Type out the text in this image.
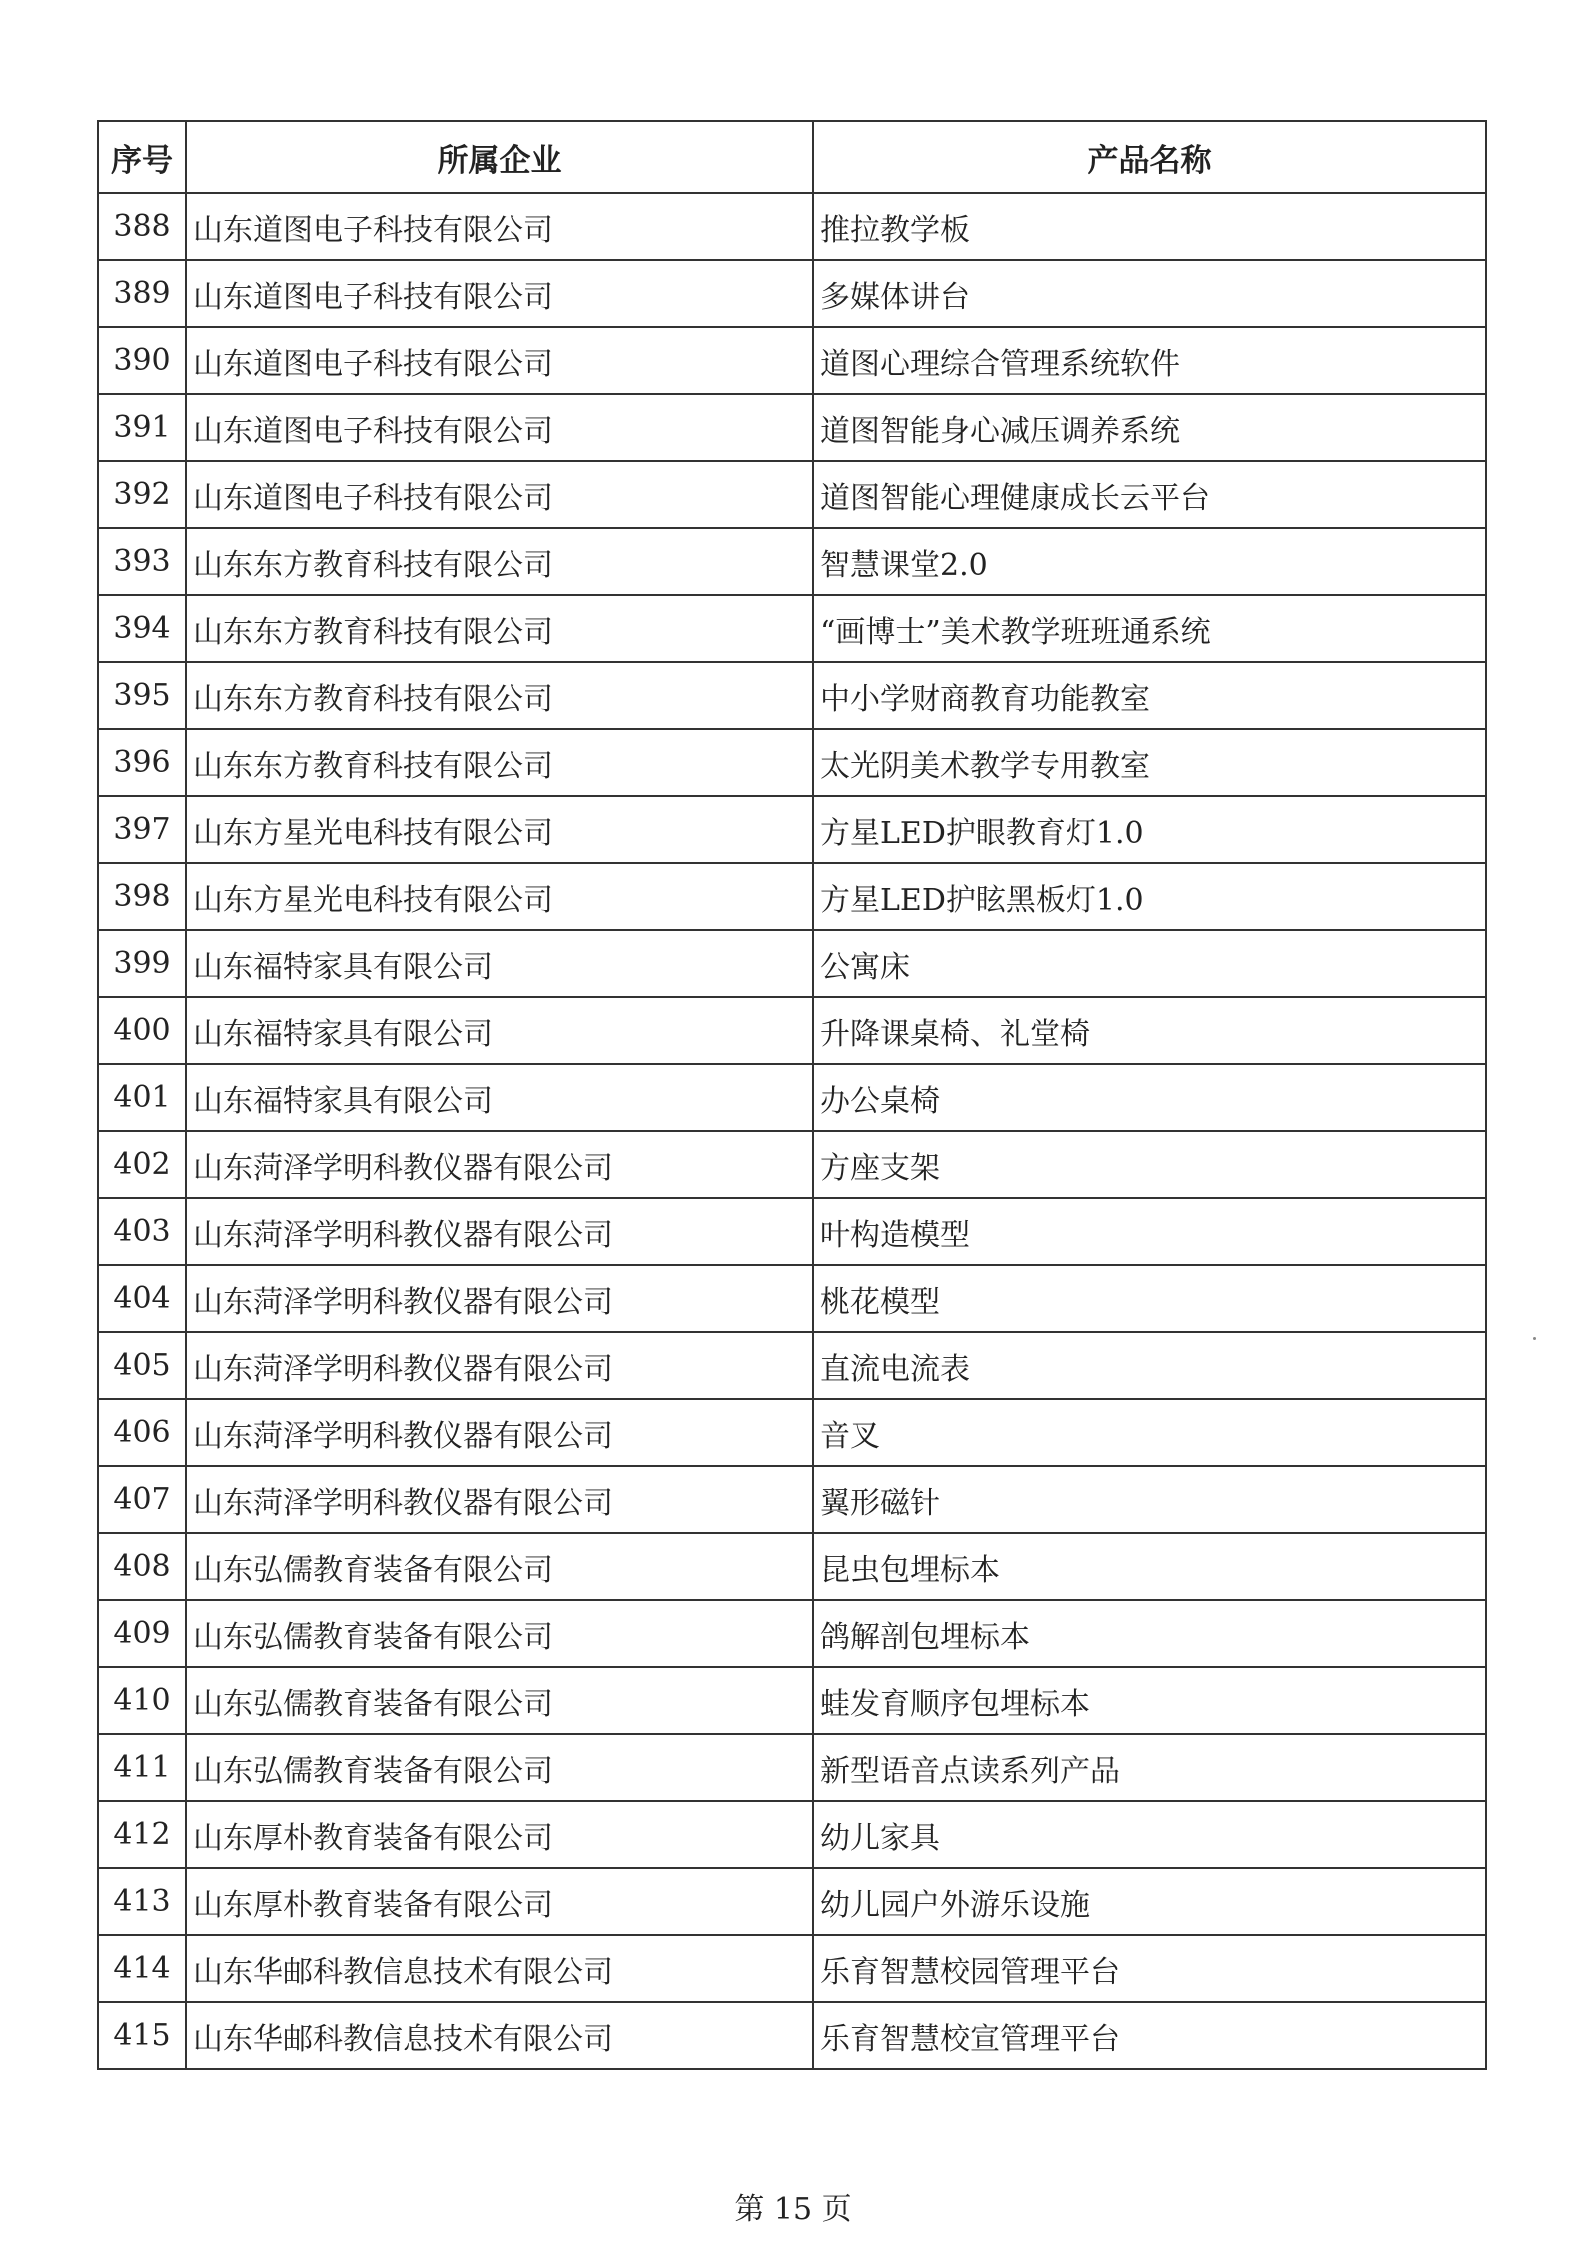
序号	所属企业	产品名称
388	山东道图电子科技有限公司	推拉教学板
389	山东道图电子科技有限公司	多媒体讲台
390	山东道图电子科技有限公司	道图心理综合管理系统软件
391	山东道图电子科技有限公司	道图智能身心减压调养系统
392	山东道图电子科技有限公司	道图智能心理健康成长云平台
393	山东东方教育科技有限公司	智慧课堂2.0
394	山东东方教育科技有限公司	“画博士”美术教学班班通系统
395	山东东方教育科技有限公司	中小学财商教育功能教室
396	山东东方教育科技有限公司	太光阴美术教学专用教室
397	山东方星光电科技有限公司	方星LED护眼教育灯1.0
398	山东方星光电科技有限公司	方星LED护眩黑板灯1.0
399	山东福特家具有限公司	公寓床
400	山东福特家具有限公司	升降课桌椅、礼堂椅
401	山东福特家具有限公司	办公桌椅
402	山东菏泽学明科教仪器有限公司	方座支架
403	山东菏泽学明科教仪器有限公司	叶构造模型
404	山东菏泽学明科教仪器有限公司	桃花模型
405	山东菏泽学明科教仪器有限公司	直流电流表
406	山东菏泽学明科教仪器有限公司	音叉
407	山东菏泽学明科教仪器有限公司	翼形磁针
408	山东弘儒教育装备有限公司	昆虫包埋标本
409	山东弘儒教育装备有限公司	鸽解剖包埋标本
410	山东弘儒教育装备有限公司	蛙发育顺序包埋标本
411	山东弘儒教育装备有限公司	新型语音点读系列产品
412	山东厚朴教育装备有限公司	幼儿家具
413	山东厚朴教育装备有限公司	幼儿园户外游乐设施
414	山东华邮科教信息技术有限公司	乐育智慧校园管理平台
415	山东华邮科教信息技术有限公司	乐育智慧校宣管理平台
第 15 页
